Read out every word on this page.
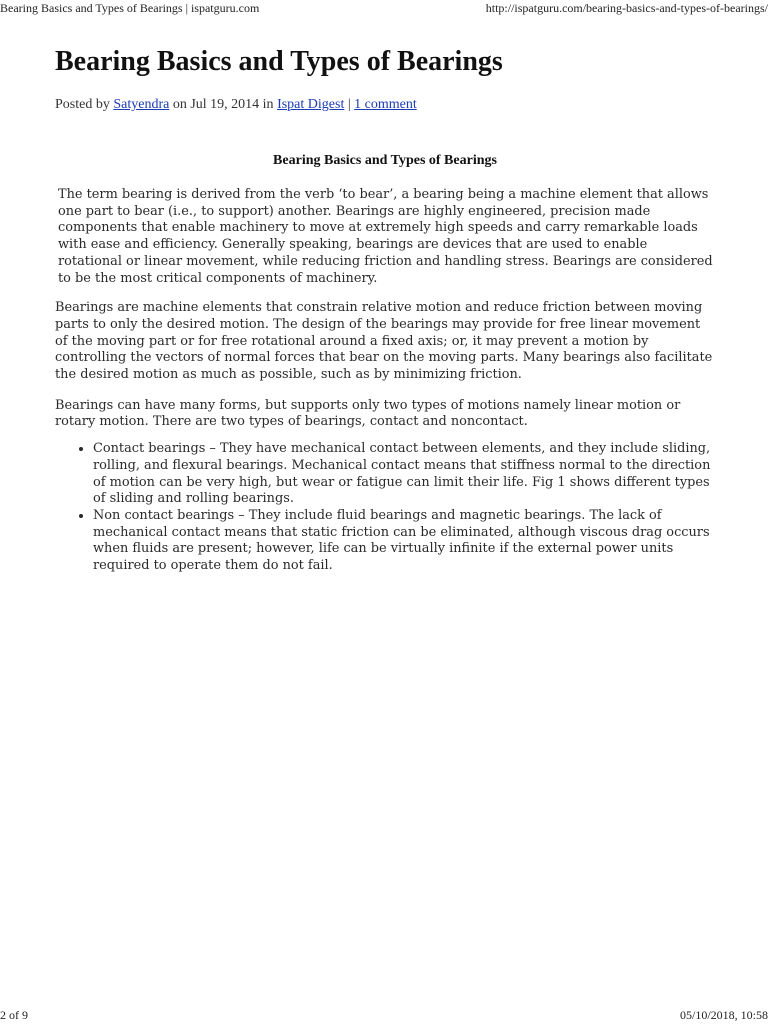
Bearing Basics and Types of Bearings | ispatguru.com	http://ispatguru.com/bearing-basics-and-types-of-bearings/
Bearing Basics and Types of Bearings
Posted by Satyendra on Jul 19, 2014 in Ispat Digest | 1 comment
Bearing Basics and Types of Bearings

The term bearing is derived from the verb ‘to bear’, a bearing being a machine element that allows one part to bear (i.e., to support) another. Bearings are highly engineered, precision made components that enable machinery to move at extremely high speeds and carry remarkable loads with ease and efficiency. Generally speaking, bearings are devices that are used to enable rotational or linear movement, while reducing friction and handling stress. Bearings are considered to be the most critical components of machinery.

Bearings are machine elements that constrain relative motion and reduce friction between moving parts to only the desired motion. The design of the bearings may provide for free linear movement of the moving part or for free rotational around a fixed axis; or, it may prevent a motion by controlling the vectors of normal forces that bear on the moving parts. Many bearings also facilitate the desired motion as much as possible, such as by minimizing friction.

Bearings can have many forms, but supports only two types of motions namely linear motion or rotary motion. There are two types of bearings, contact and noncontact.

• Contact bearings – They have mechanical contact between elements, and they include sliding, rolling, and flexural bearings. Mechanical contact means that stiffness normal to the direction of motion can be very high, but wear or fatigue can limit their life. Fig 1 shows different types of sliding and rolling bearings.
• Non contact bearings – They include fluid bearings and magnetic bearings. The lack of mechanical contact means that static friction can be eliminated, although viscous drag occurs when fluids are present; however, life can be virtually infinite if the external power units required to operate them do not fail.
2 of 9	05/10/2018, 10:58
